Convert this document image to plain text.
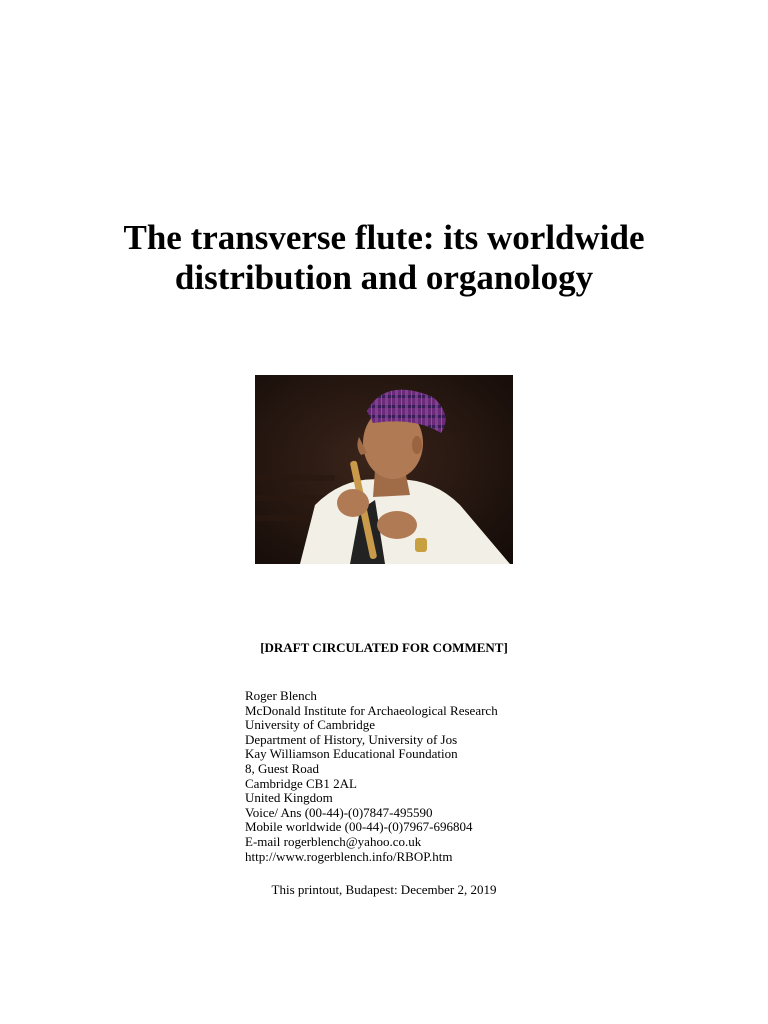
The transverse flute: its worldwide
distribution and organology
[DRAFT CIRCULATED FOR COMMENT]
Roger Blench
McDonald Institute for Archaeological Research
University of Cambridge
Department of History, University of Jos
Kay Williamson Educational Foundation
8, Guest Road
Cambridge CB1 2AL
United Kingdom
Voice/ Ans (00-44)-(0)7847-495590
Mobile worldwide (00-44)-(0)7967-696804
E-mail rogerblench@yahoo.co.uk
http://www.rogerblench.info/RBOP.htm
This printout, Budapest: December 2, 2019
